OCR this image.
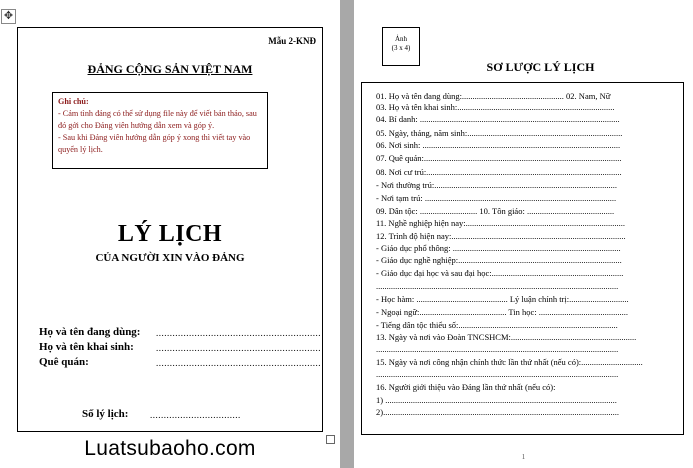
✥
Mẫu 2-KNĐ
ĐẢNG CỘNG SẢN VIỆT NAM
Ghi chú:
- Cảm tình đảng có thể sử dụng file này để viết bản thảo, sau đó gởi cho Đảng viên hướng dẫn xem và góp ý.
- Sau khi Đảng viên hướng dẫn góp ý xong thì viết tay vào quyển lý lịch.
LÝ LỊCH
CỦA NGƯỜI XIN VÀO ĐẢNG
Họ và tên đang dùng: ............................................................
Họ và tên khai sinh: ............................................................
Quê quán:	............................................................
Số lý lịch: .................................
Luatsubaoho.com
Ảnh
(3 x 4)
SƠ LƯỢC LÝ LỊCH
01. Họ và tên đang dùng:................................................ 02. Nam, Nữ
03. Họ và tên khai sinh:..........................................................................
04. Bí danh: ..............................................................................................
05. Ngày, tháng, năm sinh:.........................................................................
06. Nơi sinh: .............................................................................................
07. Quê quán:.............................................................................................
08. Nơi cư trú:............................................................................................
- Nơi thường trú:......................................................................................
- Nơi tạm trú: ..........................................................................................
09. Dân tộc: ........................... 10. Tôn giáo: .........................................
11. Nghề nghiệp hiện nay:...........................................................................
12. Trình độ hiện nay:..................................................................................
- Giáo dục phổ thông: ...............................................................................
- Giáo dục nghề nghiệp:.............................................................................
- Giáo dục đại học và sau đại học:..............................................................
..................................................................................................................
- Học hàm: ........................................... Lý luận chính trị:............................
- Ngoại ngữ:......................................... Tin học: ..........................................
- Tiếng dân tộc thiểu số:...........................................................................
13. Ngày và nơi vào Đoàn TNCSHCM:...........................................................
..................................................................................................................
15. Ngày và nơi công nhận chính thức lần thứ nhất (nếu có):.............................
..................................................................................................................
16. Người giới thiệu vào Đảng lần thứ nhất (nếu có):
1) .............................................................................................................
2)...............................................................................................................
1
